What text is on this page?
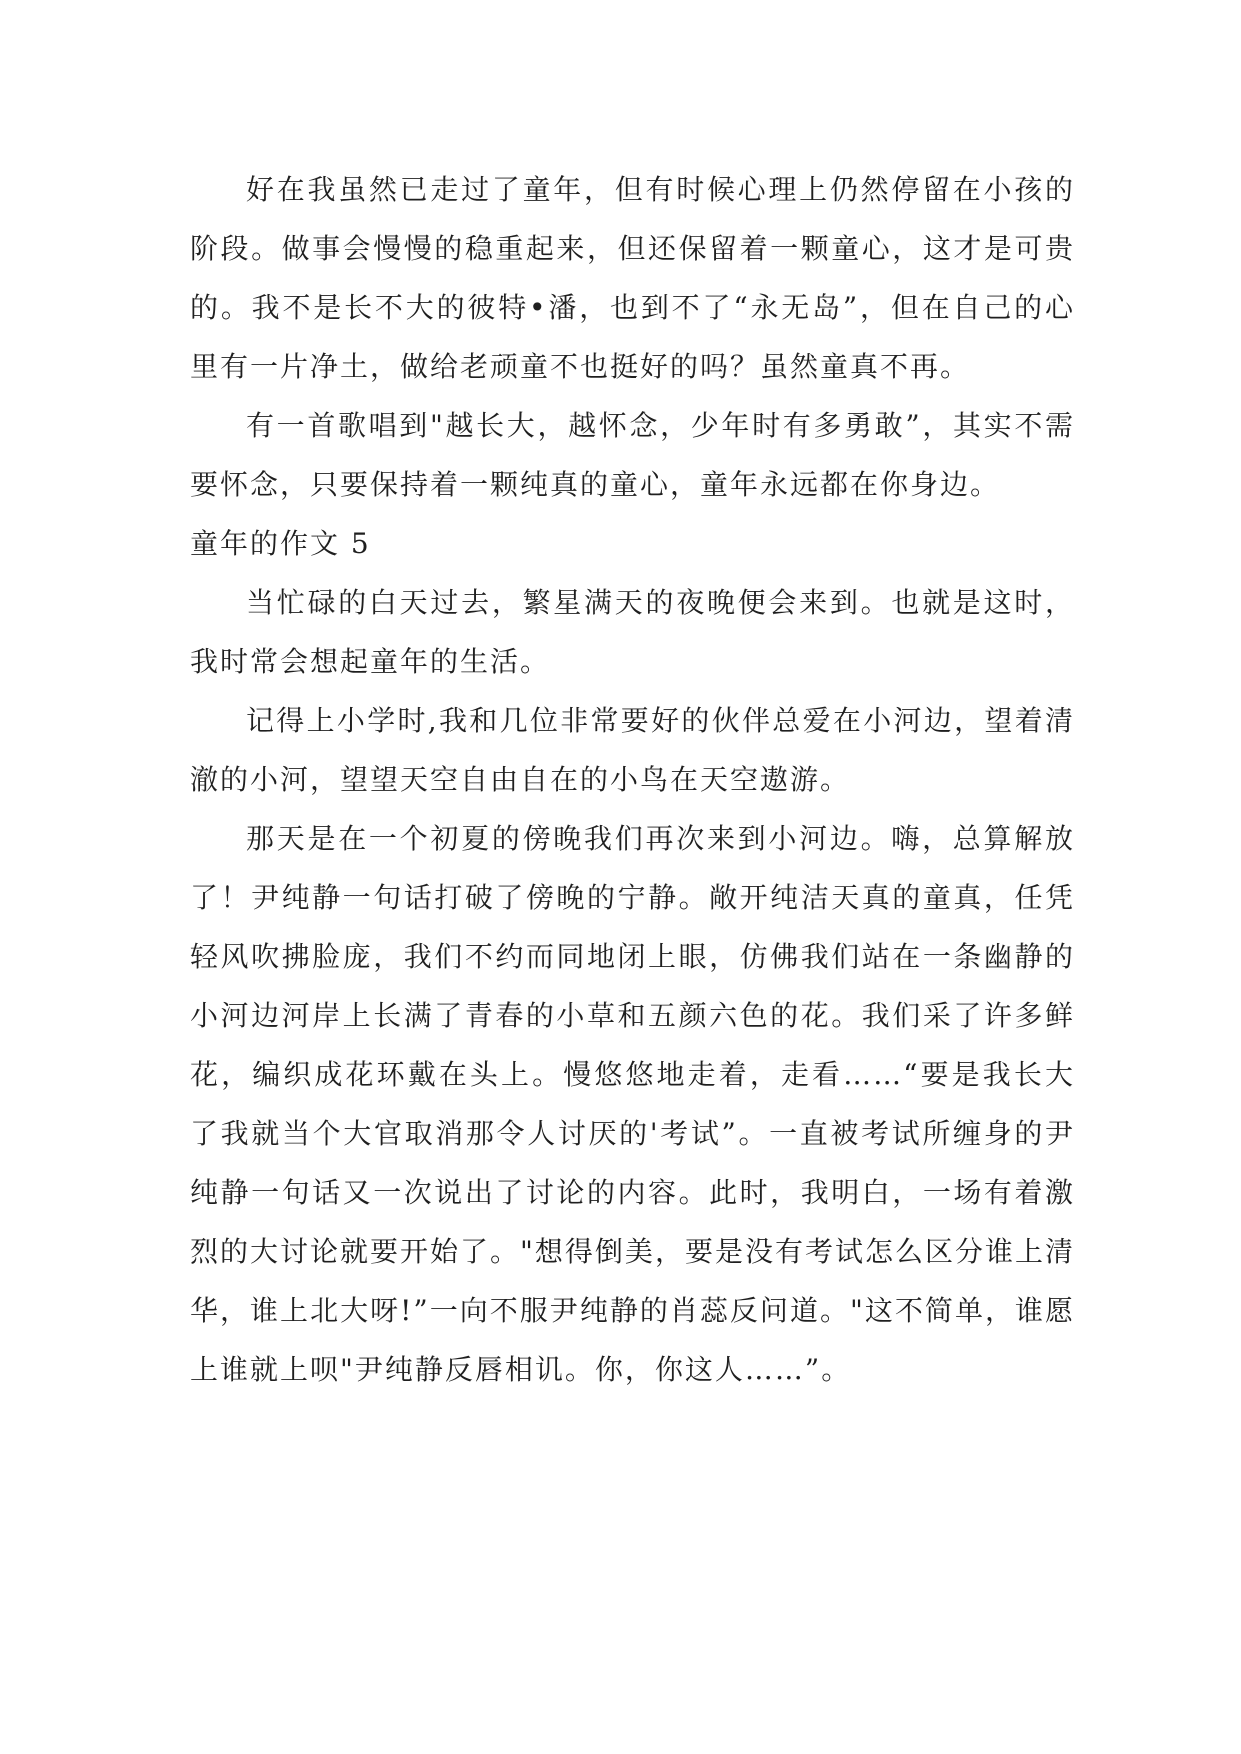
好在我虽然已走过了童年，但有时候心理上仍然停留在小孩的阶段。做事会慢慢的稳重起来，但还保留着一颗童心，这才是可贵的。我不是长不大的彼特•潘，也到不了“永无岛”，但在自己的心里有一片净土，做给老顽童不也挺好的吗？虽然童真不再。

有一首歌唱到"越长大，越怀念，少年时有多勇敢”，其实不需要怀念，只要保持着一颗纯真的童心，童年永远都在你身边。

童年的作文 5

当忙碌的白天过去，繁星满天的夜晚便会来到。也就是这时，我时常会想起童年的生活。

记得上小学时,我和几位非常要好的伙伴总爱在小河边，望着清澈的小河，望望天空自由自在的小鸟在天空遨游。

那天是在一个初夏的傍晚我们再次来到小河边。嗨，总算解放了！尹纯静一句话打破了傍晚的宁静。敞开纯洁天真的童真，任凭轻风吹拂脸庞，我们不约而同地闭上眼，仿佛我们站在一条幽静的小河边河岸上长满了青春的小草和五颜六色的花。我们采了许多鲜花，编织成花环戴在头上。慢悠悠地走着，走看……“要是我长大了我就当个大官取消那令人讨厌的'考试”。一直被考试所缠身的尹纯静一句话又一次说出了讨论的内容。此时，我明白，一场有着激烈的大讨论就要开始了。"想得倒美，要是没有考试怎么区分谁上清华，谁上北大呀!”一向不服尹纯静的肖蕊反问道。"这不简单，谁愿上谁就上呗"尹纯静反唇相讥。你，你这人……”。
